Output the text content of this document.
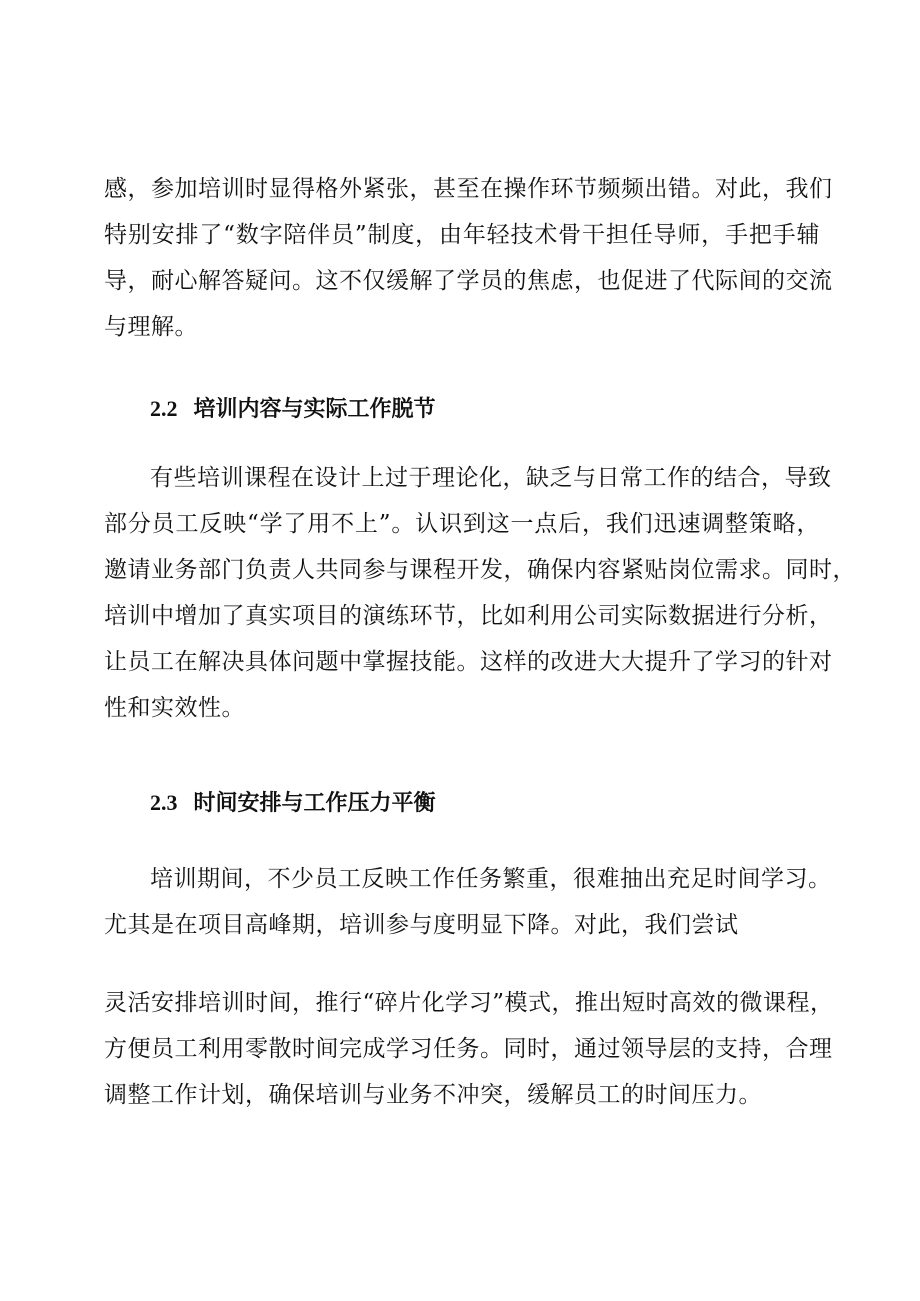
感，参加培训时显得格外紧张，甚至在操作环节频频出错。对此，我们
特别安排了“数字陪伴员”制度，由年轻技术骨干担任导师，手把手辅
导，耐心解答疑问。这不仅缓解了学员的焦虑，也促进了代际间的交流
与理解。
2.2 培训内容与实际工作脱节
有些培训课程在设计上过于理论化，缺乏与日常工作的结合，导致
部分员工反映“学了用不上”。认识到这一点后，我们迅速调整策略，
邀请业务部门负责人共同参与课程开发，确保内容紧贴岗位需求。同时，
培训中增加了真实项目的演练环节，比如利用公司实际数据进行分析，
让员工在解决具体问题中掌握技能。这样的改进大大提升了学习的针对
性和实效性。
2.3 时间安排与工作压力平衡
培训期间，不少员工反映工作任务繁重，很难抽出充足时间学习。
尤其是在项目高峰期，培训参与度明显下降。对此，我们尝试
灵活安排培训时间，推行“碎片化学习”模式，推出短时高效的微课程，
方便员工利用零散时间完成学习任务。同时，通过领导层的支持，合理
调整工作计划，确保培训与业务不冲突，缓解员工的时间压力。
